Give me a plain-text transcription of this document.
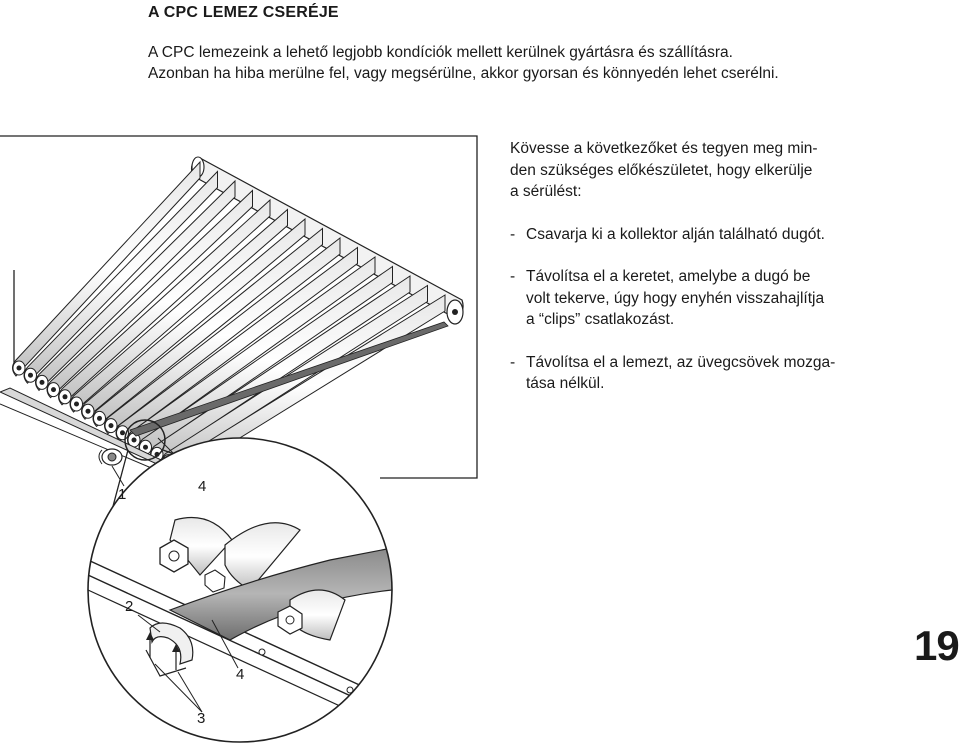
A CPC LEMEZ CSERÉJE

A CPC lemezeink a lehető legjobb kondíciók mellett kerülnek gyártásra és szállításra.

Azonban ha hiba merülne fel, vagy megsérülne, akkor gyorsan és könnyedén lehet cserélni.

Kövesse a következőket és tegyen meg min-

den szükséges előkészületet, hogy elkerülje

a sérülést:

- Csavarja ki a kollektor alján található dugót.

- Távolítsa el a keretet, amelybe a dugó be

volt tekerve, úgy hogy enyhén visszahajlítja

a “clips” csatlakozást.

- Távolítsa el a lemezt, az üvegcsövek mozga-

tása nélkül.

1	4
2
4
3
19
